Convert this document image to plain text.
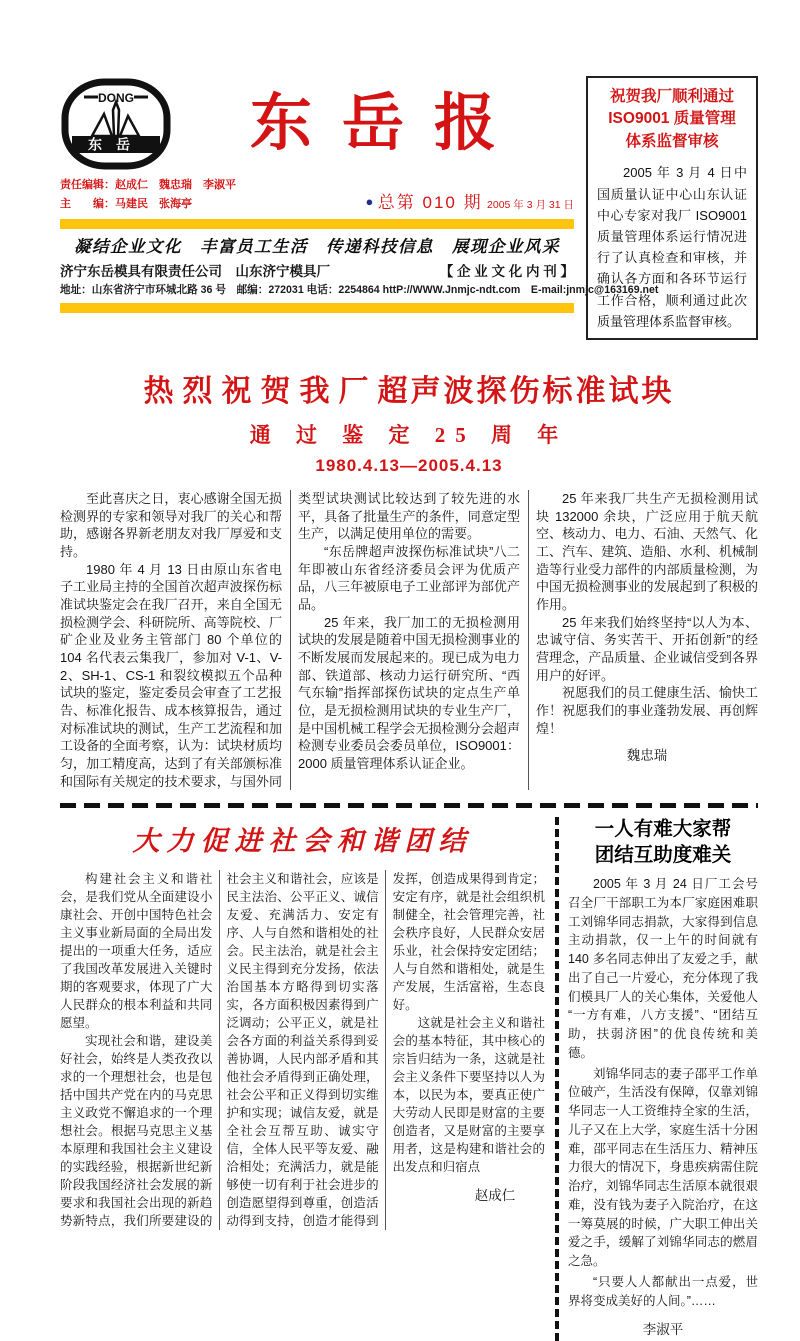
DONG
东岳	东岳报
责任编辑：赵成仁　魏忠瑞　李淑平
主　　编：马建民　张海亭	● 总第 010 期 2005 年 3 月 31 日
凝结企业文化　丰富员工生活　传递科技信息　展现企业风采
济宁东岳模具有限责任公司　山东济宁模具厂	【 企 业 文 化 内 刊 】
地址：山东省济宁市环城北路 36 号　邮编：272031 电话：2254864 httP://WWW.Jnmjc-ndt.com　E-mail:jnmjc@163169.net
祝贺我厂顺利通过
ISO9001 质量管理
体系监督审核

2005 年 3 月 4 日中国质量认证中心山东认证中心专家对我厂 ISO9001 质量管理体系运行情况进行了认真检查和审核，并确认各方面和各环节运行工作合格，顺利通过此次质量管理体系监督审核。

热烈祝贺我厂超声波探伤标准试块
通 过 鉴 定 25 周 年
1980.4.13—2005.4.13

至此喜庆之日，衷心感谢全国无损检测界的专家和领导对我厂的关心和帮助，感谢各界新老朋友对我厂厚爱和支持。

1980 年 4 月 13 日由原山东省电子工业局主持的全国首次超声波探伤标准试块鉴定会在我厂召开，来自全国无损检测学会、科研院所、高等院校、厂矿企业及业务主管部门 80 个单位的 104 名代表云集我厂，参加对 V-1、V-2、SH-1、CS-1 和裂纹模拟五个品种试块的鉴定，鉴定委员会审查了工艺报告、标准化报告、成本核算报告，通过对标准试块的测试，生产工艺流程和加工设备的全面考察，认为：试块材质均匀，加工精度高，达到了有关部颁标准和国际有关规定的技术要求，与国外同类型试块测试比较达到了较先进的水平，具备了批量生产的条件，同意定型生产，以满足使用单位的需要。

“东岳牌超声波探伤标准试块”八二年即被山东省经济委员会评为优质产品，八三年被原电子工业部评为部优产品。

25 年来，我厂加工的无损检测用试块的发展是随着中国无损检测事业的不断发展而发展起来的。现已成为电力部、铁道部、核动力运行研究所、“西气东输”指挥部探伤试块的定点生产单位，是无损检测用试块的专业生产厂，是中国机械工程学会无损检测分会超声检测专业委员会委员单位，ISO9001：2000 质量管理体系认证企业。

25 年来我厂共生产无损检测用试块 132000 余块，广泛应用于航天航空、核动力、电力、石油、天然气、化工、汽车、建筑、造船、水利、机械制造等行业受力部件的内部质量检测，为中国无损检测事业的发展起到了积极的作用。

25 年来我们始终坚持“以人为本、忠诚守信、务实苦干、开拓创新”的经营理念，产品质量、企业诚信受到各界用户的好评。

祝愿我们的员工健康生活、愉快工作！祝愿我们的事业蓬勃发展、再创辉煌！

魏忠瑞
大力促进社会和谐团结

构建社会主义和谐社会，是我们党从全面建设小康社会、开创中国特色社会主义事业新局面的全局出发提出的一项重大任务，适应了我国改革发展进入关键时期的客观要求，体现了广大人民群众的根本利益和共同愿望。

实现社会和谐，建设美好社会，始终是人类孜孜以求的一个理想社会，也是包括中国共产党在内的马克思主义政党不懈追求的一个理想社会。根据马克思主义基本原理和我国社会主义建设的实践经验，根据新世纪新阶段我国经济社会发展的新要求和我国社会出现的新趋势新特点，我们所要建设的社会主义和谐社会，应该是民主法治、公平正义、诚信友爱、充满活力、安定有序、人与自然和谐相处的社会。民主法治，就是社会主义民主得到充分发扬，依法治国基本方略得到切实落实，各方面积极因素得到广泛调动；公平正义，就是社会各方面的利益关系得到妥善协调，人民内部矛盾和其他社会矛盾得到正确处理，社会公平和正义得到切实维护和实现；诚信友爱，就是全社会互帮互助、诚实守信，全体人民平等友爱、融洽相处；充满活力，就是能够使一切有利于社会进步的创造愿望得到尊重，创造活动得到支持，创造才能得到发挥，创造成果得到肯定；安定有序，就是社会组织机制健全，社会管理完善，社会秩序良好，人民群众安居乐业，社会保持安定团结；人与自然和谐相处，就是生产发展，生活富裕，生态良好。

这就是社会主义和谐社会的基本特征，其中核心的宗旨归结为一条，这就是社会主义条件下要坚持以人为本，以民为本，要真正使广大劳动人民即是财富的主要创造者，又是财富的主要享用者，这是构建和谐社会的出发点和归宿点

赵成仁
一人有难大家帮
团结互助度难关

2005 年 3 月 24 日厂工会号召全厂干部职工为本厂家庭困难职工刘锦华同志捐款，大家得到信息主动捐款，仅一上午的时间就有 140 多名同志伸出了友爱之手，献出了自己一片爱心，充分体现了我们模具厂人的关心集体，关爱他人 “一方有难，八方支援”、“团结互助，扶弱济困”的优良传统和美德。

刘锦华同志的妻子邵平工作单位破产，生活没有保障，仅靠刘锦华同志一人工资维持全家的生活，儿子又在上大学，家庭生活十分困难，邵平同志在生活压力、精神压力很大的情况下，身患疾病需住院治疗，刘锦华同志生活原本就很艰难，没有钱为妻子入院治疗，在这一筹莫展的时候，广大职工伸出关爱之手，缓解了刘锦华同志的燃眉之急。

“只要人人都献出一点爱，世界将变成美好的人间。”……

李淑平
